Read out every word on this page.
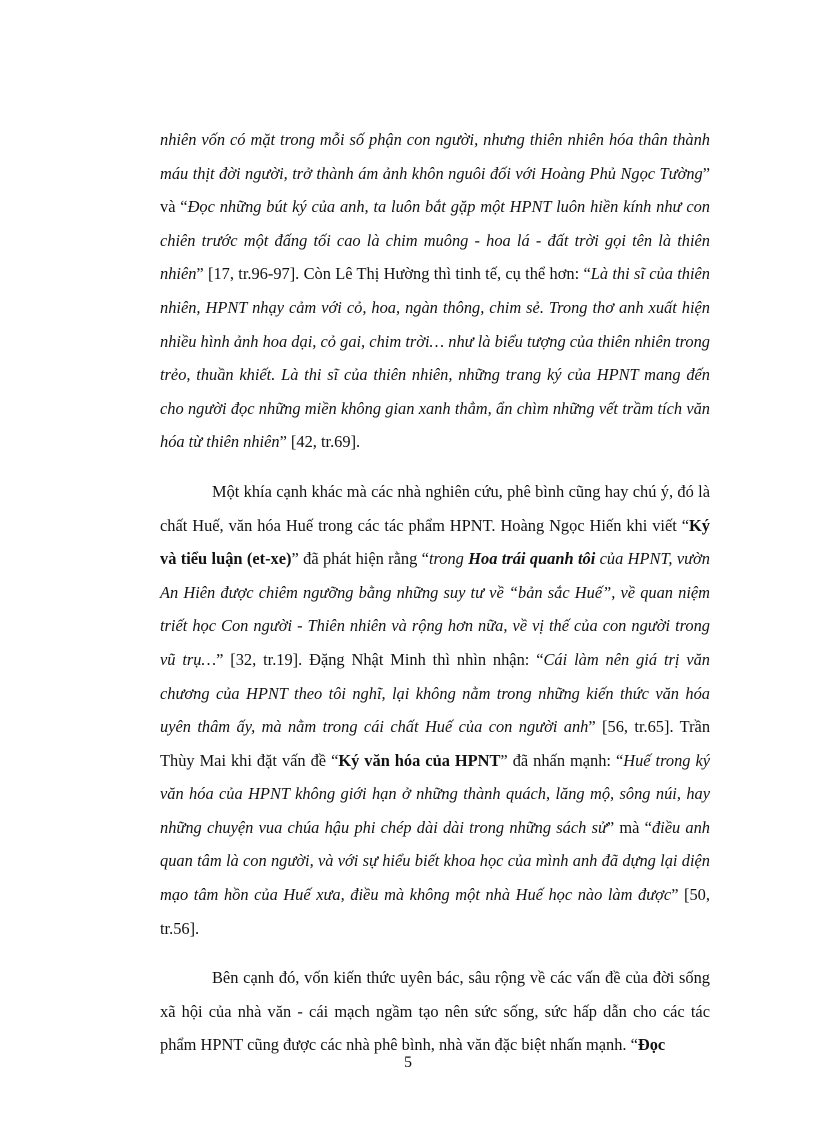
nhiên vốn có mặt trong mỗi số phận con người, nhưng thiên nhiên hóa thân thành máu thịt đời người, trở thành ám ảnh khôn nguôi đối với Hoàng Phủ Ngọc Tường” và “Đọc những bút ký của anh, ta luôn bắt gặp một HPNT luôn hiền kính như con chiên trước một đấng tối cao là chim muông - hoa lá - đất trời gọi tên là thiên nhiên” [17, tr.96-97]. Còn Lê Thị Hường thì tinh tế, cụ thể hơn: “Là thi sĩ của thiên nhiên, HPNT nhạy cảm với cỏ, hoa, ngàn thông, chim sẻ. Trong thơ anh xuất hiện nhiều hình ảnh hoa dại, cỏ gai, chim trời… như là biểu tượng của thiên nhiên trong trẻo, thuần khiết. Là thi sĩ của thiên nhiên, những trang ký của HPNT mang đến cho người đọc những miền không gian xanh thẳm, ẩn chìm những vết trầm tích văn hóa từ thiên nhiên” [42, tr.69].

Một khía cạnh khác mà các nhà nghiên cứu, phê bình cũng hay chú ý, đó là chất Huế, văn hóa Huế trong các tác phẩm HPNT. Hoàng Ngọc Hiến khi viết “Ký và tiểu luận (et-xe)” đã phát hiện rằng “trong Hoa trái quanh tôi của HPNT, vườn An Hiên được chiêm ngưỡng bằng những suy tư về “bản sắc Huế”, về quan niệm triết học Con người - Thiên nhiên và rộng hơn nữa, về vị thế của con người trong vũ trụ…” [32, tr.19]. Đặng Nhật Minh thì nhìn nhận: “Cái làm nên giá trị văn chương của HPNT theo tôi nghĩ, lại không nằm trong những kiến thức văn hóa uyên thâm ấy, mà nằm trong cái chất Huế của con người anh” [56, tr.65]. Trần Thùy Mai khi đặt vấn đề “Ký văn hóa của HPNT” đã nhấn mạnh: “Huế trong ký văn hóa của HPNT không giới hạn ở những thành quách, lăng mộ, sông núi, hay những chuyện vua chúa hậu phi chép dài dài trong những sách sử” mà “điều anh quan tâm là con người, và với sự hiểu biết khoa học của mình anh đã dựng lại diện mạo tâm hồn của Huế xưa, điều mà không một nhà Huế học nào làm được” [50, tr.56].

Bên cạnh đó, vốn kiến thức uyên bác, sâu rộng về các vấn đề của đời sống xã hội của nhà văn - cái mạch ngầm tạo nên sức sống, sức hấp dẫn cho các tác phẩm HPNT cũng được các nhà phê bình, nhà văn đặc biệt nhấn mạnh. “Đọc

5
